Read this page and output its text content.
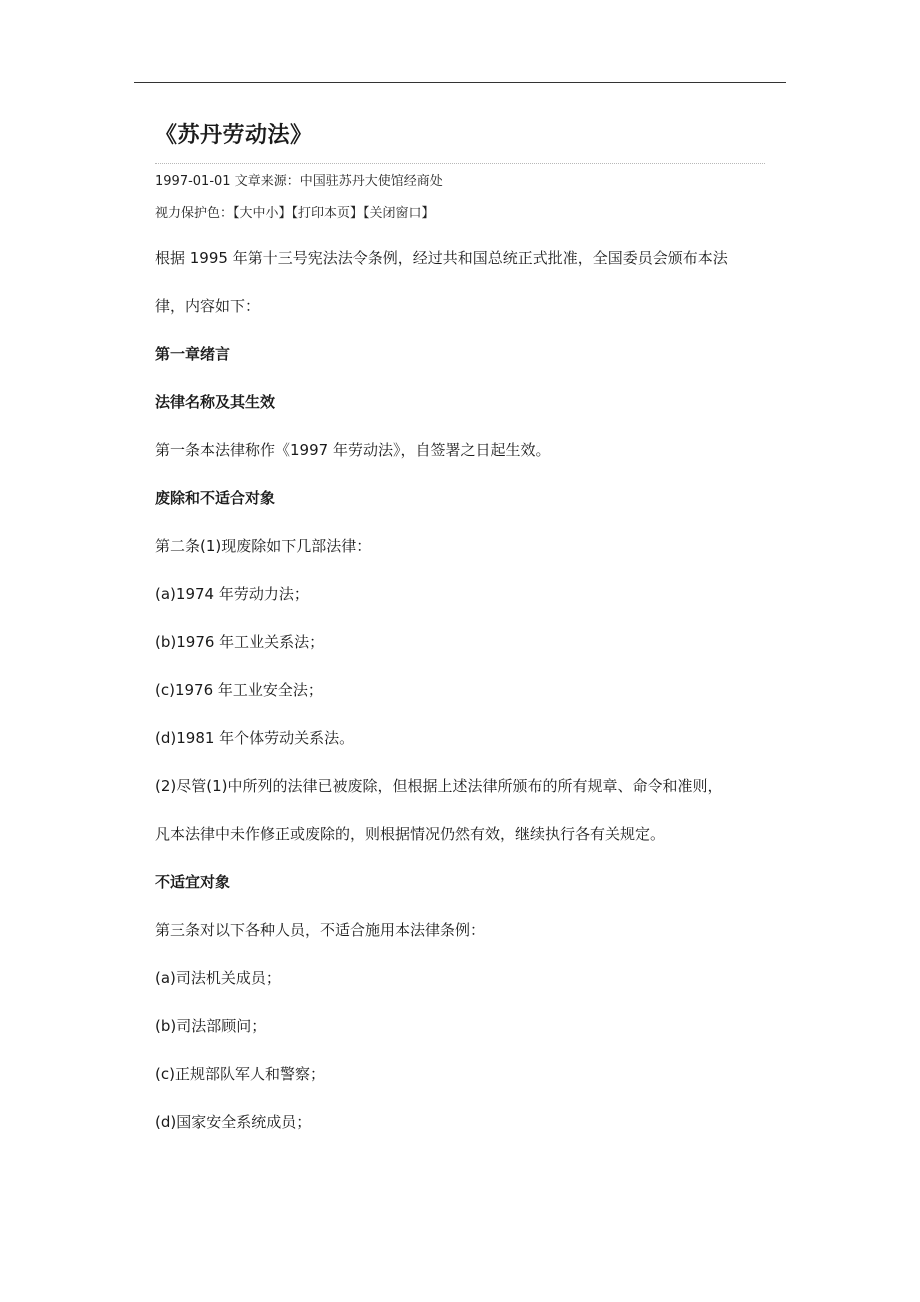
《苏丹劳动法》
1997-01-01 文章来源：中国驻苏丹大使馆经商处
视力保护色：【大中小】【打印本页】【关闭窗口】

根据 1995 年第十三号宪法法令条例，经过共和国总统正式批准，全国委员会颁布本法

律，内容如下：

第一章绪言

法律名称及其生效

第一条本法律称作《1997 年劳动法》，自签署之日起生效。

废除和不适合对象

第二条(1)现废除如下几部法律：

(a)1974 年劳动力法；

(b)1976 年工业关系法；

(c)1976 年工业安全法；

(d)1981 年个体劳动关系法。

(2)尽管(1)中所列的法律已被废除，但根据上述法律所颁布的所有规章、命令和准则，

凡本法律中未作修正或废除的，则根据情况仍然有效，继续执行各有关规定。

不适宜对象

第三条对以下各种人员，不适合施用本法律条例：

(a)司法机关成员；

(b)司法部顾问；

(c)正规部队军人和警察；

(d)国家安全系统成员；
